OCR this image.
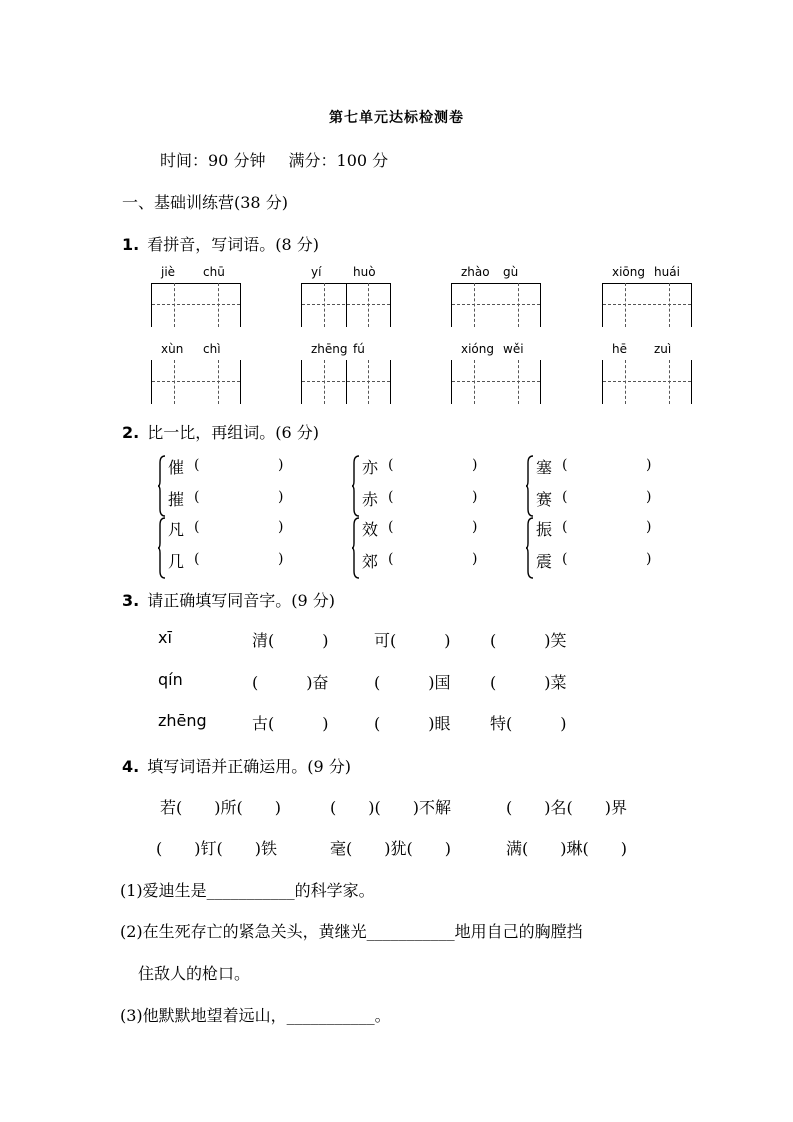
第七单元达标检测卷
时间：90 分钟 满分：100 分
一、基础训练营(38 分)
1. 看拼音，写词语。(8 分)
jiè chū	yí	huò	zhào gù	xiōng huái
xùn chì	zhēng fú	xióng wěi	hē zuì
2. 比一比，再组词。(6 分)
催 (	)
摧 (	)
亦 (	)
赤 (	)
塞 (	)
赛 (	)
凡 (	)
几 (	)
效 (	)
郊 (	)
振 (	)
震 (	)
3. 请正确填写同音字。(9 分)
xī	清(　　　)	可(　　　) (　　　)笑
qín	(　　　)奋	(　　　)国 (　　　)菜
zhēng	古(　　　)	(　　　)眼 特(　　　)
4. 填写词语并正确运用。(9 分)
若(　　)所(　　)	(　　)(　　)不解	(　　)名(　　)界
(　　)钉(　　)铁	毫(　　)犹(　　)	满(　　)琳(　　)
(1)爱迪生是___________的科学家。
(2)在生死存亡的紧急关头，黄继光___________地用自己的胸膛挡
住敌人的枪口。
(3)他默默地望着远山，___________。
